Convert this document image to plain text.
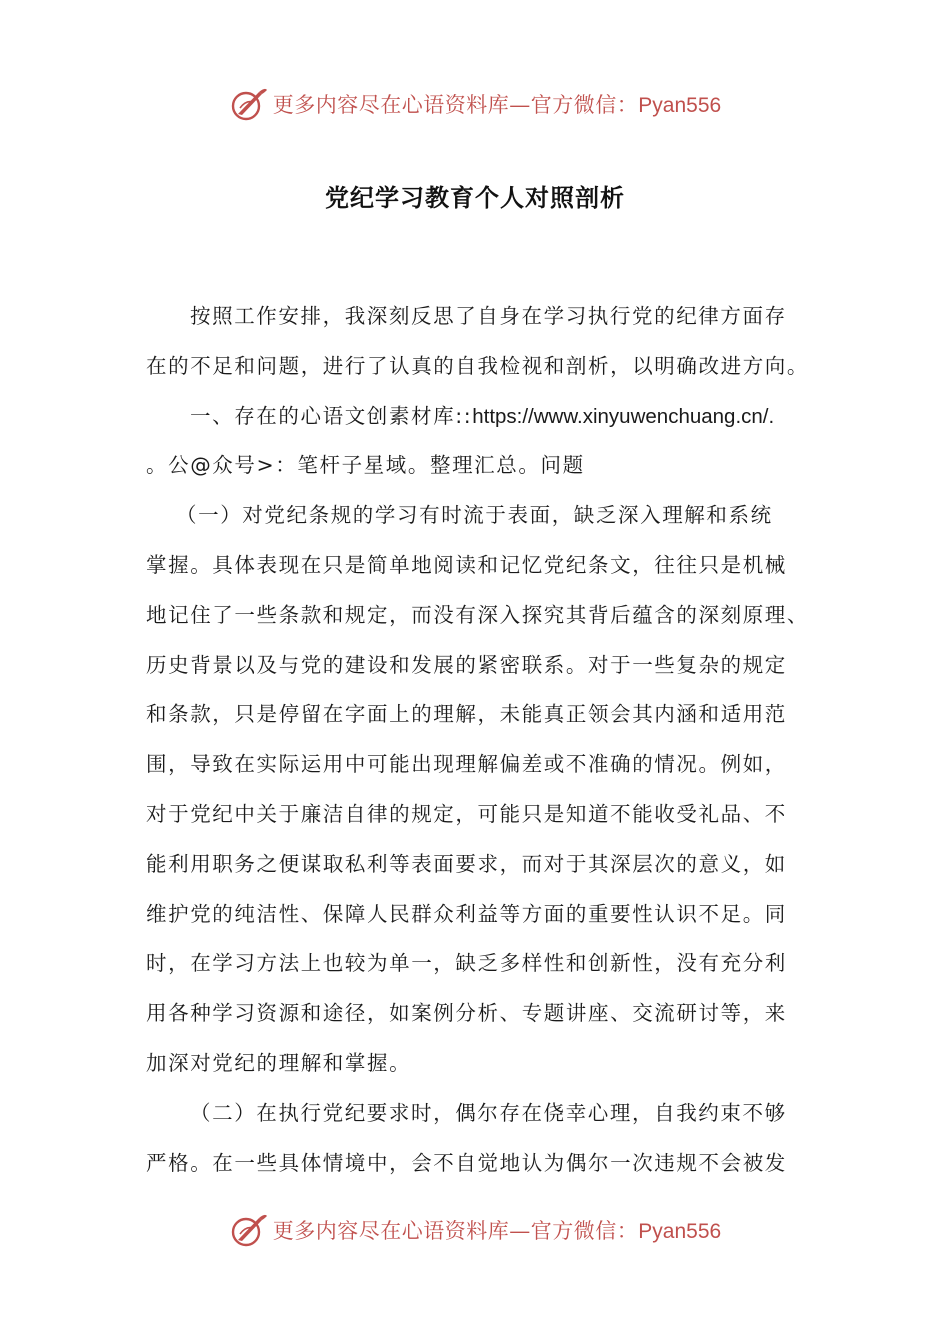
更多内容尽在心语资料库—官方微信：Pyan556
党纪学习教育个人对照剖析
按照工作安排，我深刻反思了自身在学习执行党的纪律方面存
在的不足和问题，进行了认真的自我检视和剖析，以明确改进方向。
一、存在的心语文创素材库::https://www.xinyuwenchuang.cn/.
。公@众号>：笔杆子星域。整理汇总。问题
（一）对党纪条规的学习有时流于表面，缺乏深入理解和系统
掌握。具体表现在只是简单地阅读和记忆党纪条文，往往只是机械
地记住了一些条款和规定，而没有深入探究其背后蕴含的深刻原理、
历史背景以及与党的建设和发展的紧密联系。对于一些复杂的规定
和条款，只是停留在字面上的理解，未能真正领会其内涵和适用范
围，导致在实际运用中可能出现理解偏差或不准确的情况。例如，
对于党纪中关于廉洁自律的规定，可能只是知道不能收受礼品、不
能利用职务之便谋取私利等表面要求，而对于其深层次的意义，如
维护党的纯洁性、保障人民群众利益等方面的重要性认识不足。同
时，在学习方法上也较为单一，缺乏多样性和创新性，没有充分利
用各种学习资源和途径，如案例分析、专题讲座、交流研讨等，来
加深对党纪的理解和掌握。
（二）在执行党纪要求时，偶尔存在侥幸心理，自我约束不够
严格。在一些具体情境中，会不自觉地认为偶尔一次违规不会被发
更多内容尽在心语资料库—官方微信：Pyan556
